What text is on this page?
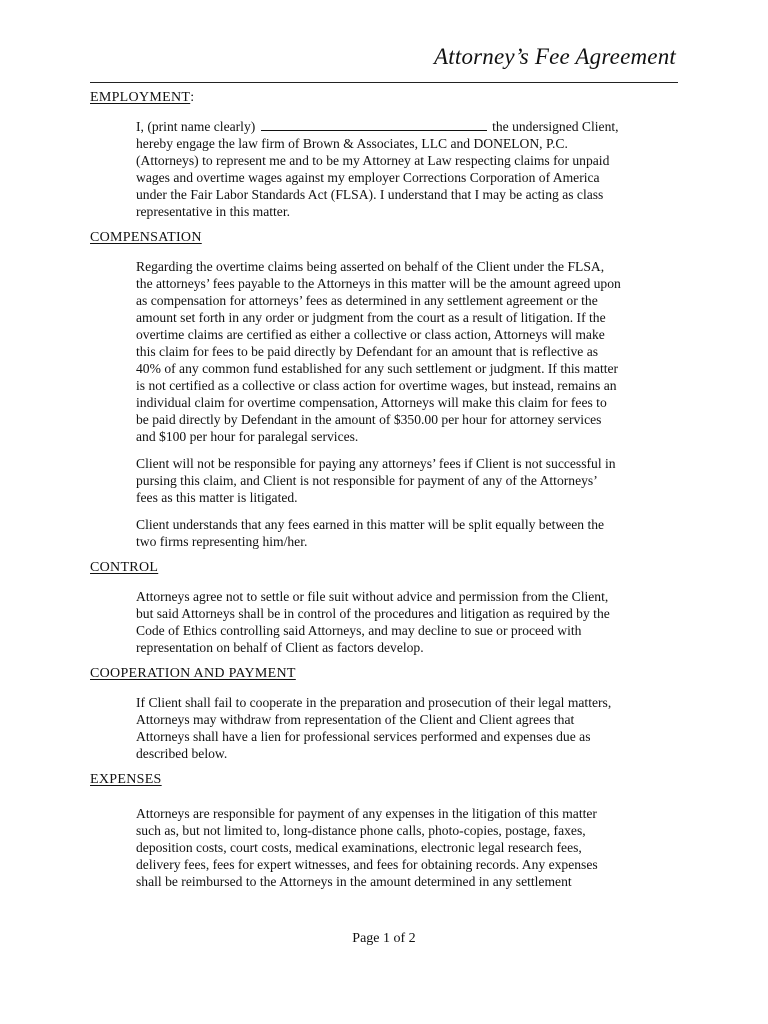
Attorney’s Fee Agreement
EMPLOYMENT:
I, (print name clearly)	the undersigned Client,
hereby engage the law firm of Brown & Associates, LLC and DONELON, P.C.
(Attorneys) to represent me and to be my Attorney at Law respecting claims for unpaid
wages and overtime wages against my employer Corrections Corporation of America
under the Fair Labor Standards Act (FLSA). I understand that I may be acting as class
representative in this matter.
COMPENSATION
Regarding the overtime claims being asserted on behalf of the Client under the FLSA,
the attorneys’ fees payable to the Attorneys in this matter will be the amount agreed upon
as compensation for attorneys’ fees as determined in any settlement agreement or the
amount set forth in any order or judgment from the court as a result of litigation. If the
overtime claims are certified as either a collective or class action, Attorneys will make
this claim for fees to be paid directly by Defendant for an amount that is reflective as
40% of any common fund established for any such settlement or judgment. If this matter
is not certified as a collective or class action for overtime wages, but instead, remains an
individual claim for overtime compensation, Attorneys will make this claim for fees to
be paid directly by Defendant in the amount of $350.00 per hour for attorney services
and $100 per hour for paralegal services.
Client will not be responsible for paying any attorneys’ fees if Client is not successful in
pursing this claim, and Client is not responsible for payment of any of the Attorneys’
fees as this matter is litigated.
Client understands that any fees earned in this matter will be split equally between the
two firms representing him/her.
CONTROL
Attorneys agree not to settle or file suit without advice and permission from the Client,
but said Attorneys shall be in control of the procedures and litigation as required by the
Code of Ethics controlling said Attorneys, and may decline to sue or proceed with
representation on behalf of Client as factors develop.
COOPERATION AND PAYMENT
If Client shall fail to cooperate in the preparation and prosecution of their legal matters,
Attorneys may withdraw from representation of the Client and Client agrees that
Attorneys shall have a lien for professional services performed and expenses due as
described below.
EXPENSES
Attorneys are responsible for payment of any expenses in the litigation of this matter
such as, but not limited to, long-distance phone calls, photo-copies, postage, faxes,
deposition costs, court costs, medical examinations, electronic legal research fees,
delivery fees, fees for expert witnesses, and fees for obtaining records. Any expenses
shall be reimbursed to the Attorneys in the amount determined in any settlement
Page 1 of 2
